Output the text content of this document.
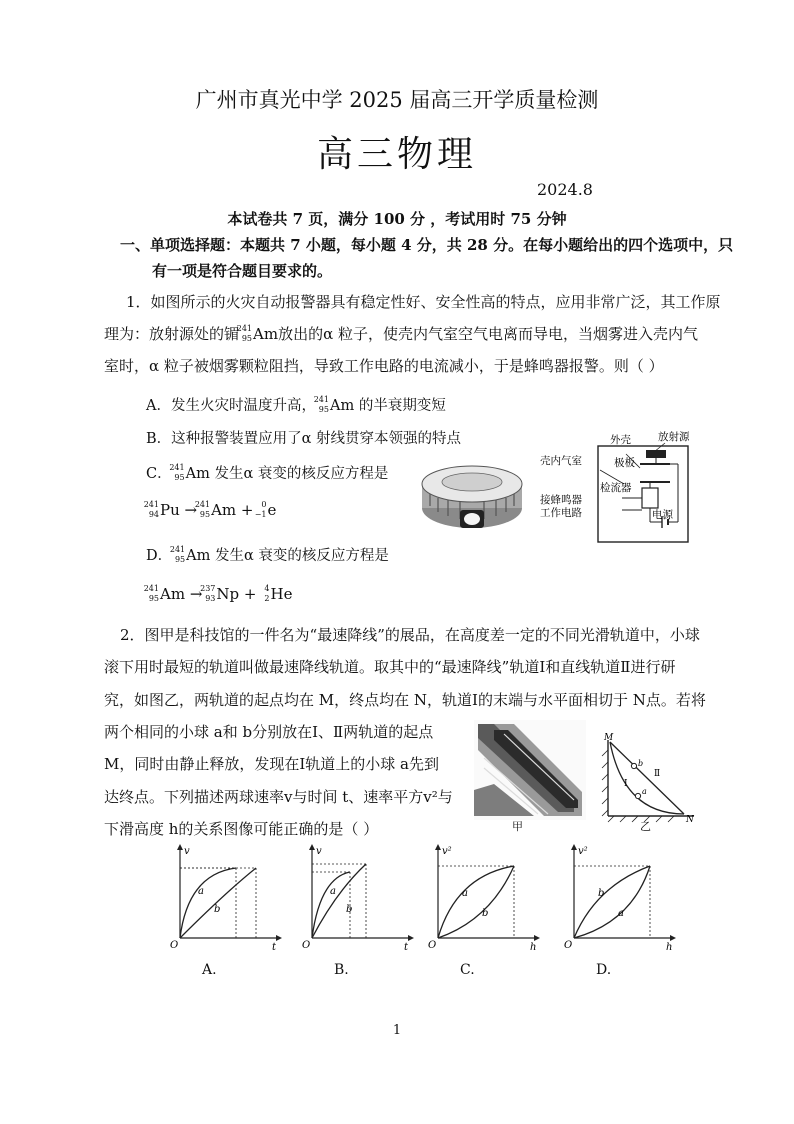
广州市真光中学 2025 届高三开学质量检测
高三物理
2024.8
本试卷共 7 页，满分 100 分 ，考试用时 75 分钟
一、单项选择题：本题共 7 小题，每小题 4 分，共 28 分。在每小题给出的四个选项中，只
有一项是符合题目要求的。
1．如图所示的火灾自动报警器具有稳定性好、安全性高的特点，应用非常广泛，其工作原
理为：放射源处的镅
241
95 Am放出的α 粒子，使壳内气室空气电离而导电，当烟雾进入壳内气
室时，α 粒子被烟雾颗粒阻挡，导致工作电路的电流减小，于是蜂鸣器报警。则（ ）
A．发生火灾时温度升高，
241
95 Am 的半衰期变短
B．这种报警装置应用了α 射线贯穿本领强的特点
C．
241
95 Am 发生α 衰变的核反应方程是
241
94 Pu →
241
95 Am + 0
−1 e
D．
241
95 Am 发生α 衰变的核反应方程是
241
95 Am →
237
93 Np + 4
2 He
外壳	放射源
壳内气室	极板
检流器
接蜂鸣器
工作电路	电源
2．图甲是科技馆的一件名为“最速降线”的展品，在高度差一定的不同光滑轨道中，小球
滚下用时最短的轨道叫做最速降线轨道。取其中的“最速降线”轨道Ⅰ和直线轨道Ⅱ进行研
究，如图乙，两轨道的起点均在 M，终点均在 N，轨道Ⅰ的末端与水平面相切于 N点。若将
两个相同的小球 a和 b分别放在Ⅰ、Ⅱ两轨道的起点
M，同时由静止释放，发现在Ⅰ轨道上的小球 a先到
达终点。下列描述两球速率v与时间 t、速率平方v²与
下滑高度 h的关系图像可能正确的是（ ）	甲
M
N
Ⅰ
Ⅱ
b
a
乙
v
t
O
a
b
A.
v
t
O
a
b
B.
v²
h
O
a
b
C.
v²
h
O
b
a
D.
1
